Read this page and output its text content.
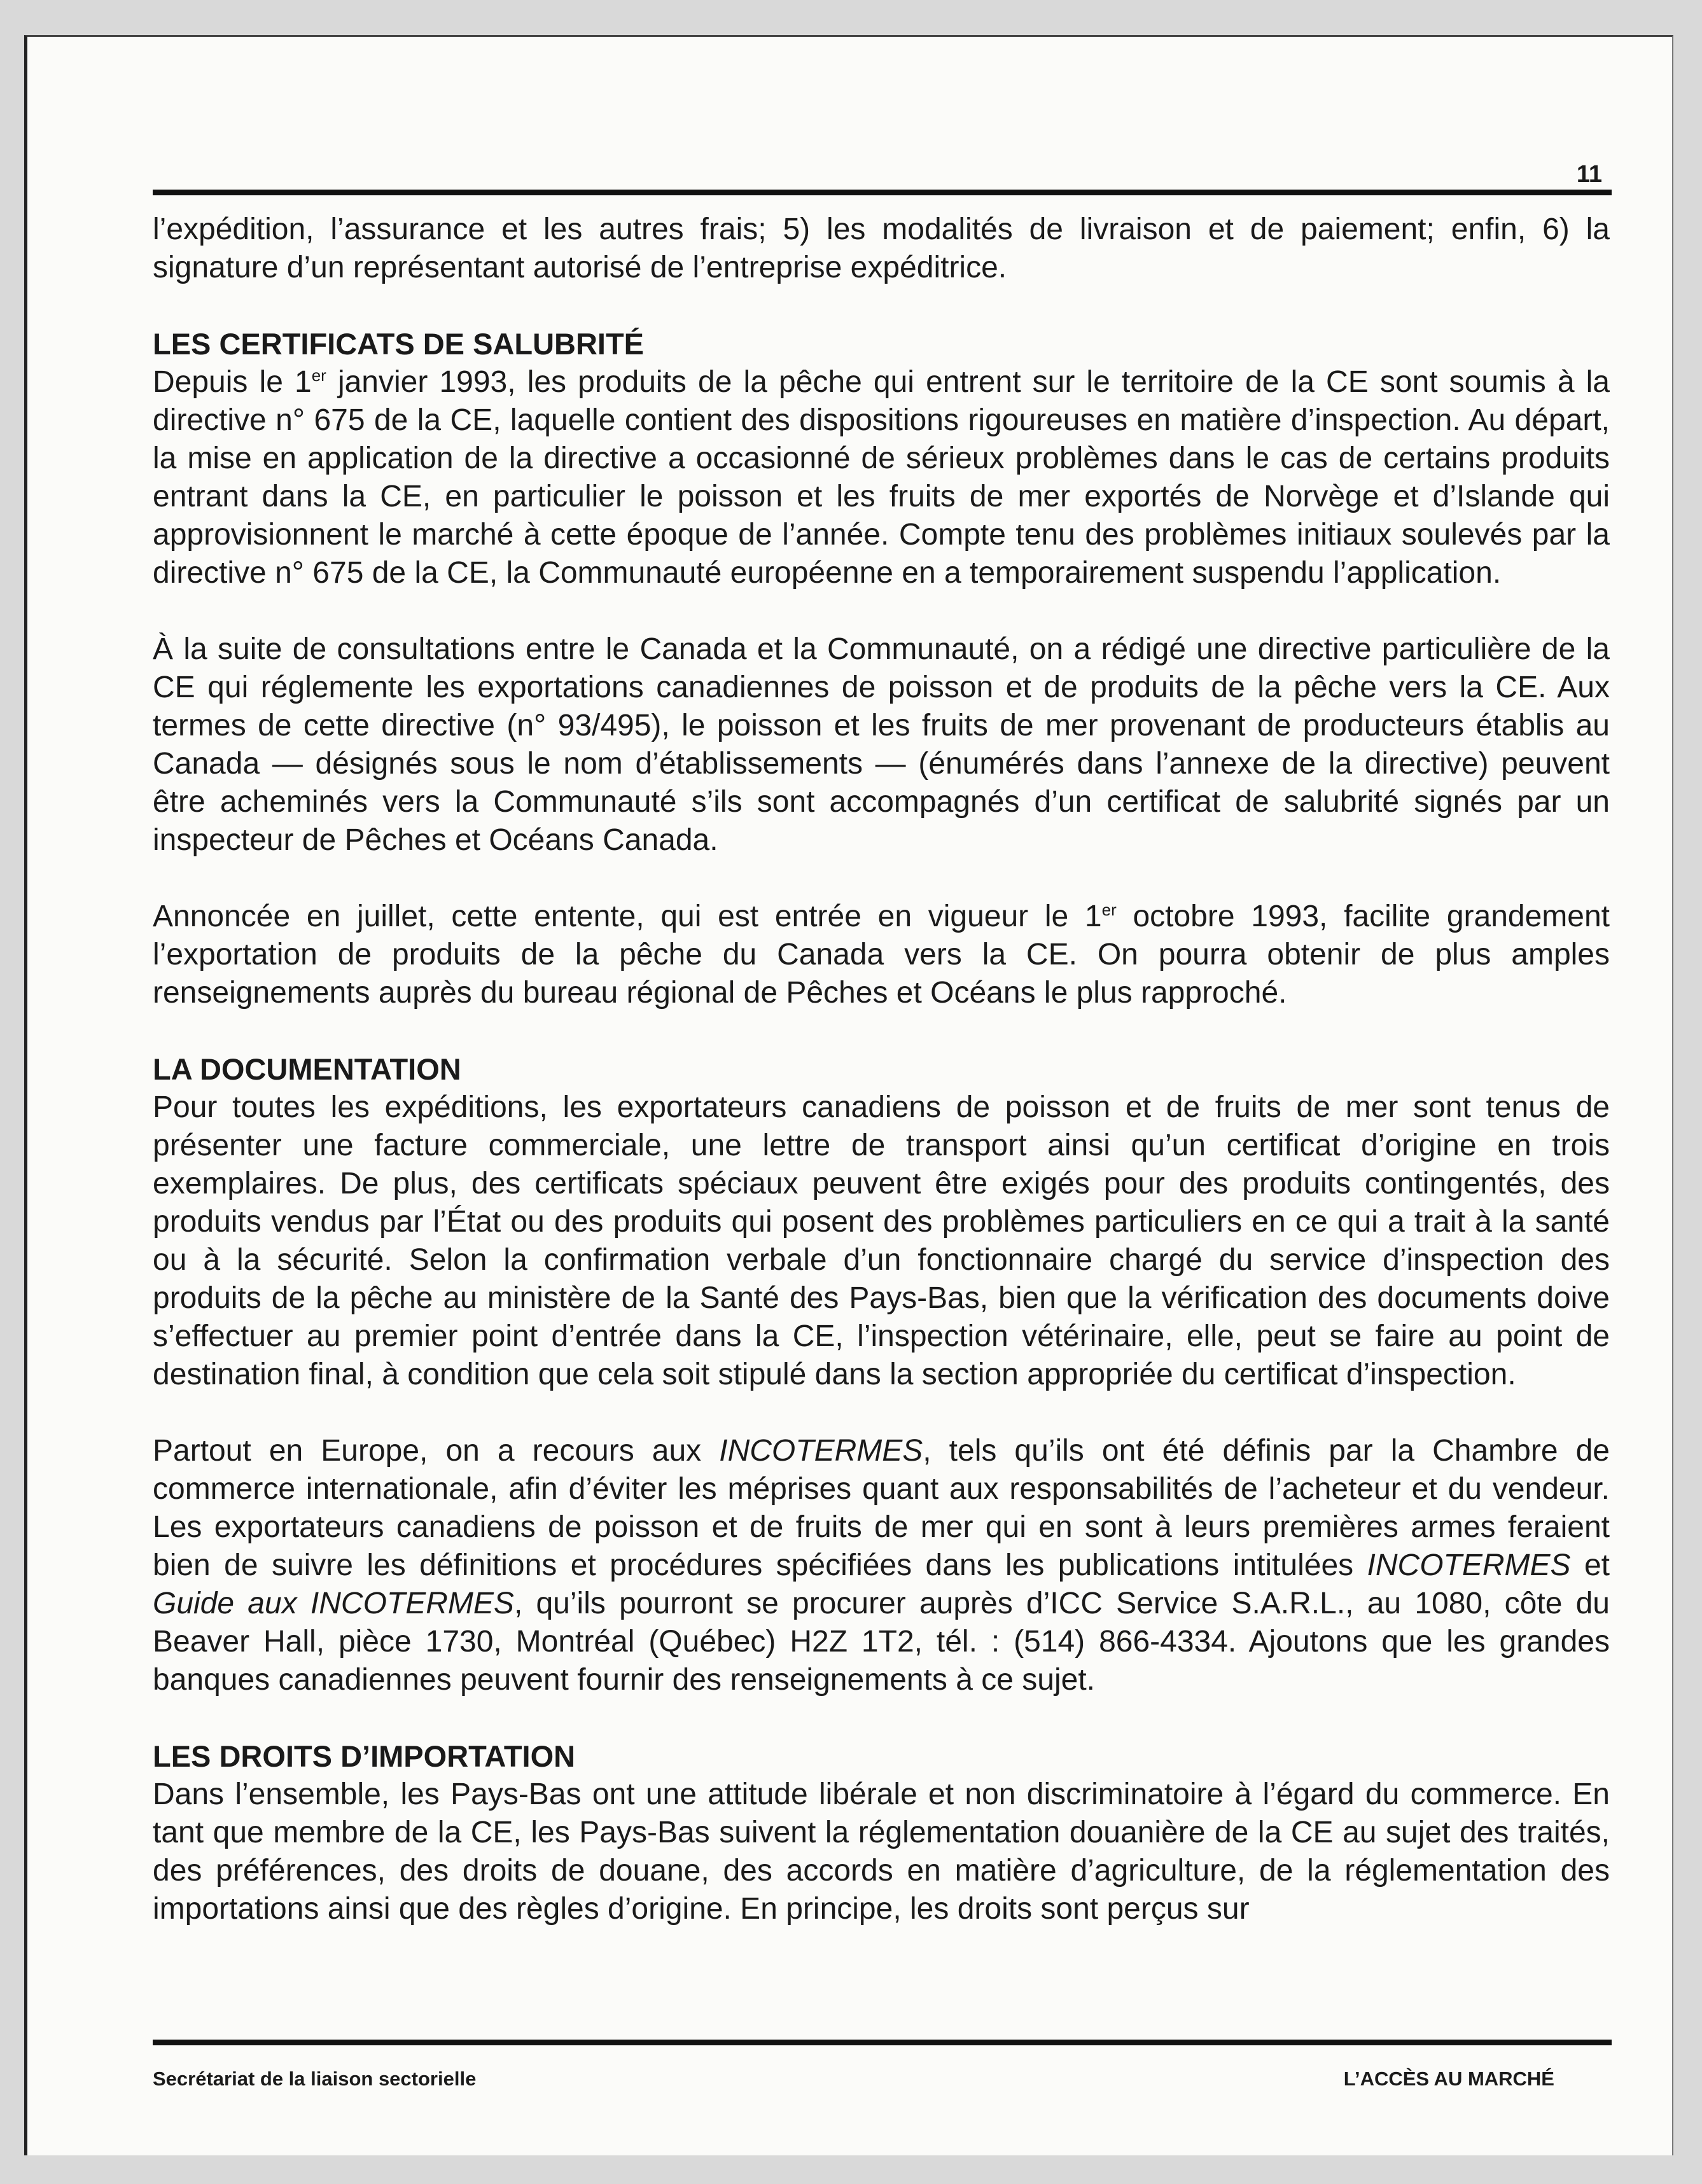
11

l’expédition, l’assurance et les autres frais; 5) les modalités de livraison et de paiement; enfin, 6) la signature d’un représentant autorisé de l’entreprise expéditrice.

LES CERTIFICATS DE SALUBRITÉ

Depuis le 1er janvier 1993, les produits de la pêche qui entrent sur le territoire de la CE sont soumis à la directive n° 675 de la CE, laquelle contient des dispositions rigoureuses en matière d’inspection. Au départ, la mise en application de la directive a occasionné de sérieux problèmes dans le cas de certains produits entrant dans la CE, en particulier le poisson et les fruits de mer exportés de Norvège et d’Islande qui approvisionnent le marché à cette époque de l’année. Compte tenu des problèmes initiaux soulevés par la directive n° 675 de la CE, la Communauté européenne en a temporairement suspendu l’application.

À la suite de consultations entre le Canada et la Communauté, on a rédigé une directive particulière de la CE qui réglemente les exportations canadiennes de poisson et de produits de la pêche vers la CE. Aux termes de cette directive (n° 93/495), le poisson et les fruits de mer provenant de producteurs établis au Canada — désignés sous le nom d’établissements — (énumérés dans l’annexe de la directive) peuvent être acheminés vers la Communauté s’ils sont accompagnés d’un certificat de salubrité signés par un inspecteur de Pêches et Océans Canada.

Annoncée en juillet, cette entente, qui est entrée en vigueur le 1er octobre 1993, facilite grandement l’exportation de produits de la pêche du Canada vers la CE. On pourra obtenir de plus amples renseignements auprès du bureau régional de Pêches et Océans le plus rapproché.

LA DOCUMENTATION

Pour toutes les expéditions, les exportateurs canadiens de poisson et de fruits de mer sont tenus de présenter une facture commerciale, une lettre de transport ainsi qu’un certificat d’origine en trois exemplaires. De plus, des certificats spéciaux peuvent être exigés pour des produits contingentés, des produits vendus par l’État ou des produits qui posent des problèmes particuliers en ce qui a trait à la santé ou à la sécurité. Selon la confirmation verbale d’un fonctionnaire chargé du service d’inspection des produits de la pêche au ministère de la Santé des Pays-Bas, bien que la vérification des documents doive s’effectuer au premier point d’entrée dans la CE, l’inspection vétérinaire, elle, peut se faire au point de destination final, à condition que cela soit stipulé dans la section appropriée du certificat d’inspection.

Partout en Europe, on a recours aux INCOTERMES, tels qu’ils ont été définis par la Chambre de commerce internationale, afin d’éviter les méprises quant aux responsabilités de l’acheteur et du vendeur. Les exportateurs canadiens de poisson et de fruits de mer qui en sont à leurs premières armes feraient bien de suivre les définitions et procédures spécifiées dans les publications intitulées INCOTERMES et Guide aux INCOTERMES, qu’ils pourront se procurer auprès d’ICC Service S.A.R.L., au 1080, côte du Beaver Hall, pièce 1730, Montréal (Québec) H2Z 1T2, tél. : (514) 866-4334. Ajoutons que les grandes banques canadiennes peuvent fournir des renseignements à ce sujet.

LES DROITS D’IMPORTATION

Dans l’ensemble, les Pays-Bas ont une attitude libérale et non discriminatoire à l’égard du commerce. En tant que membre de la CE, les Pays-Bas suivent la réglementation douanière de la CE au sujet des traités, des préférences, des droits de douane, des accords en matière d’agriculture, de la réglementation des importations ainsi que des règles d’origine. En principe, les droits sont perçus sur

Secrétariat de la liaison sectorielle	L’ACCÈS AU MARCHÉ
